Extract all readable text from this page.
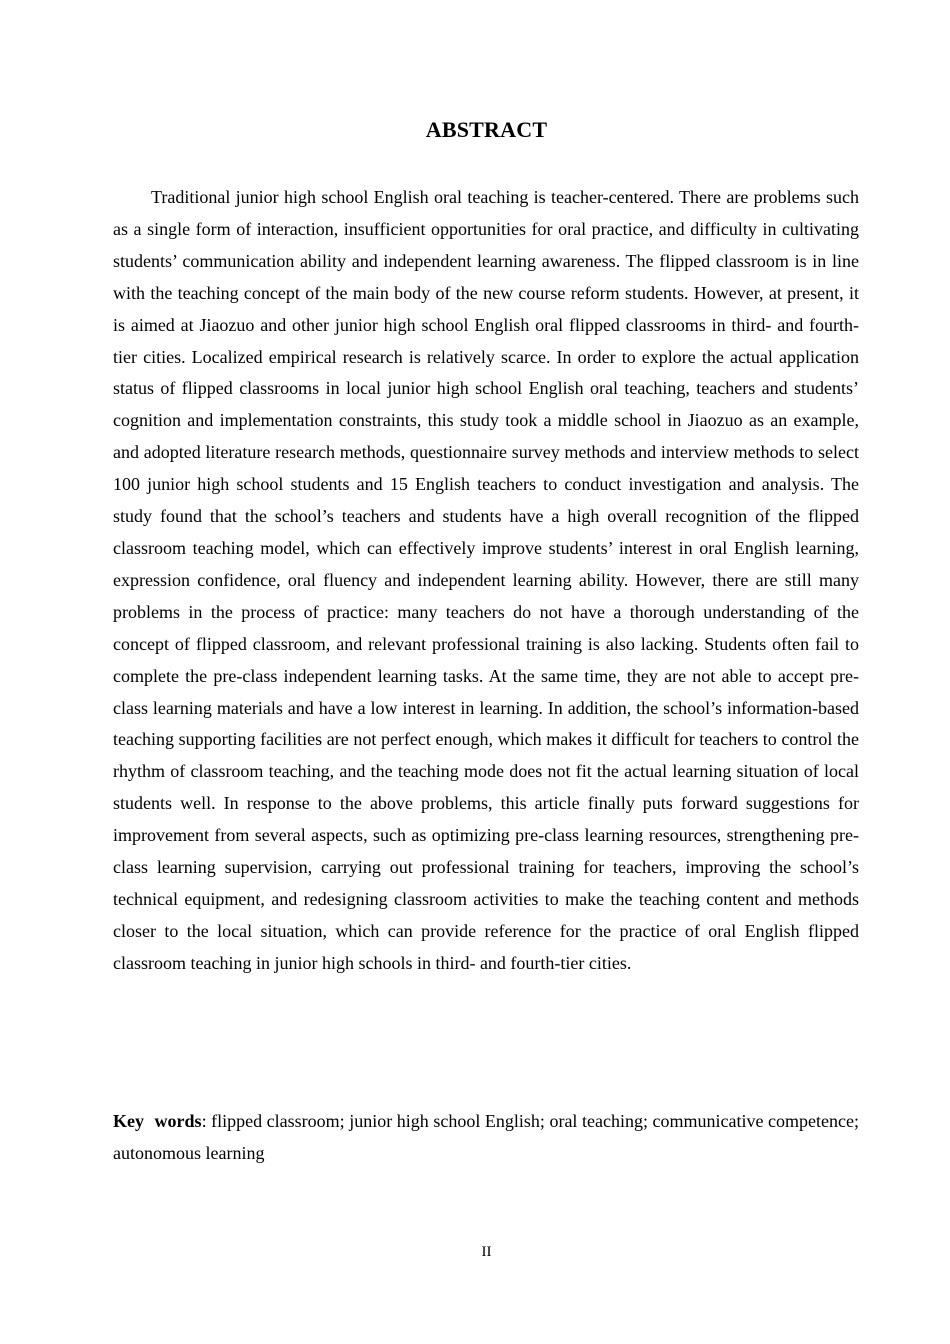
ABSTRACT

Traditional junior high school English oral teaching is teacher-centered. There are problems such as a single form of interaction, insufficient opportunities for oral practice, and difficulty in cultivating students’ communication ability and independent learning awareness. The flipped classroom is in line with the teaching concept of the main body of the new course reform students. However, at present, it is aimed at Jiaozuo and other junior high school English oral flipped classrooms in third- and fourth-tier cities. Localized empirical research is relatively scarce. In order to explore the actual application status of flipped classrooms in local junior high school English oral teaching, teachers and students’ cognition and implementation constraints, this study took a middle school in Jiaozuo as an example, and adopted literature research methods, questionnaire survey methods and interview methods to select 100 junior high school students and 15 English teachers to conduct investigation and analysis. The study found that the school’s teachers and students have a high overall recognition of the flipped classroom teaching model, which can effectively improve students’ interest in oral English learning, expression confidence, oral fluency and independent learning ability. However, there are still many problems in the process of practice: many teachers do not have a thorough understanding of the concept of flipped classroom, and relevant professional training is also lacking. Students often fail to complete the pre-class independent learning tasks. At the same time, they are not able to accept pre-class learning materials and have a low interest in learning. In addition, the school’s information-based teaching supporting facilities are not perfect enough, which makes it difficult for teachers to control the rhythm of classroom teaching, and the teaching mode does not fit the actual learning situation of local students well. In response to the above problems, this article finally puts forward suggestions for improvement from several aspects, such as optimizing pre-class learning resources, strengthening pre-class learning supervision, carrying out professional training for teachers, improving the school’s technical equipment, and redesigning classroom activities to make the teaching content and methods closer to the local situation, which can provide reference for the practice of oral English flipped classroom teaching in junior high schools in third- and fourth-tier cities.

Key words: flipped classroom; junior high school English; oral teaching; communicative competence; autonomous learning

II
